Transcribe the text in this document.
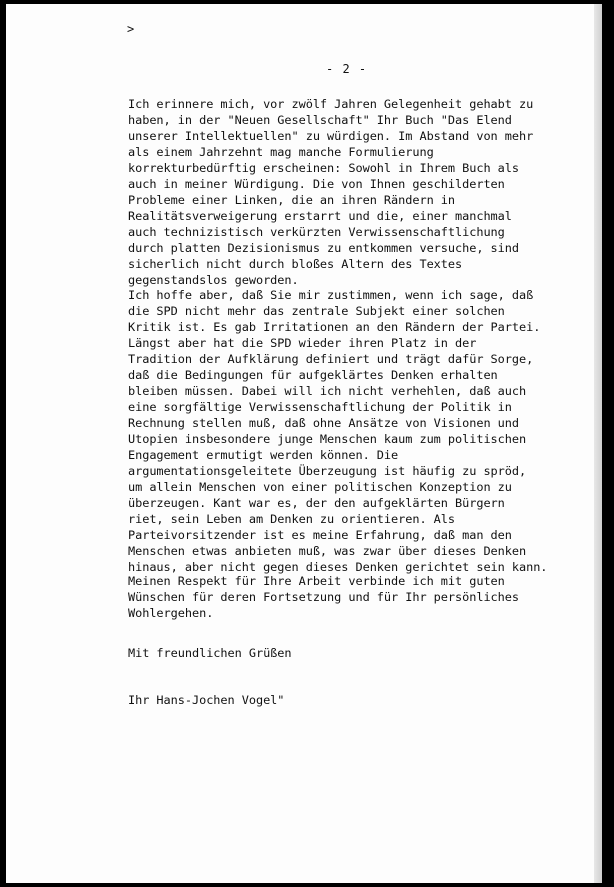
>
- 2 -
Ich erinnere mich, vor zwölf Jahren Gelegenheit gehabt zu
haben, in der "Neuen Gesellschaft" Ihr Buch "Das Elend
unserer Intellektuellen" zu würdigen. Im Abstand von mehr
als einem Jahrzehnt mag manche Formulierung
korrekturbedürftig erscheinen: Sowohl in Ihrem Buch als
auch in meiner Würdigung. Die von Ihnen geschilderten
Probleme einer Linken, die an ihren Rändern in
Realitätsverweigerung erstarrt und die, einer manchmal
auch technizistisch verkürzten Verwissenschaftlichung
durch platten Dezisionismus zu entkommen versuche, sind
sicherlich nicht durch bloßes Altern des Textes
gegenstandslos geworden.
Ich hoffe aber, daß Sie mir zustimmen, wenn ich sage, daß
die SPD nicht mehr das zentrale Subjekt einer solchen
Kritik ist. Es gab Irritationen an den Rändern der Partei.
Längst aber hat die SPD wieder ihren Platz in der
Tradition der Aufklärung definiert und trägt dafür Sorge,
daß die Bedingungen für aufgeklärtes Denken erhalten
bleiben müssen. Dabei will ich nicht verhehlen, daß auch
eine sorgfältige Verwissenschaftlichung der Politik in
Rechnung stellen muß, daß ohne Ansätze von Visionen und
Utopien insbesondere junge Menschen kaum zum politischen
Engagement ermutigt werden können. Die
argumentationsgeleitete Überzeugung ist häufig zu spröd,
um allein Menschen von einer politischen Konzeption zu
überzeugen. Kant war es, der den aufgeklärten Bürgern
riet, sein Leben am Denken zu orientieren. Als
Parteivorsitzender ist es meine Erfahrung, daß man den
Menschen etwas anbieten muß, was zwar über dieses Denken
hinaus, aber nicht gegen dieses Denken gerichtet sein kann.
Meinen Respekt für Ihre Arbeit verbinde ich mit guten
Wünschen für deren Fortsetzung und für Ihr persönliches
Wohlergehen.
Mit freundlichen Grüßen
Ihr Hans-Jochen Vogel"
